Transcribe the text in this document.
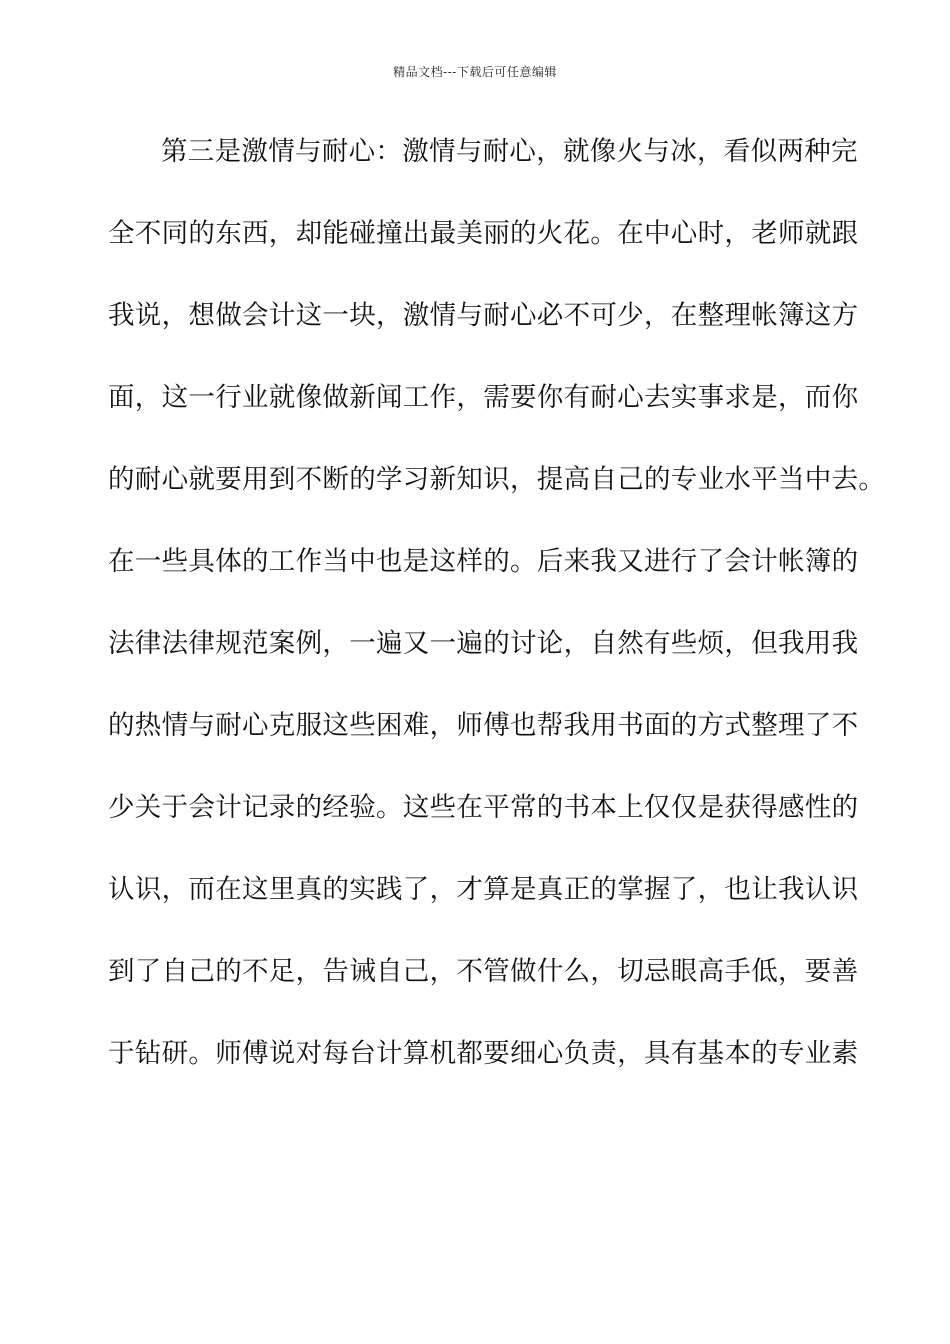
精品文档---下载后可任意编辑
第三是激情与耐心：激情与耐心，就像火与冰，看似两种完
全不同的东西，却能碰撞出最美丽的火花。在中心时，老师就跟
我说，想做会计这一块，激情与耐心必不可少，在整理帐簿这方
面，这一行业就像做新闻工作，需要你有耐心去实事求是，而你
的耐心就要用到不断的学习新知识，提高自己的专业水平当中去。
在一些具体的工作当中也是这样的。后来我又进行了会计帐簿的
法律法律规范案例，一遍又一遍的讨论，自然有些烦，但我用我
的热情与耐心克服这些困难，师傅也帮我用书面的方式整理了不
少关于会计记录的经验。这些在平常的书本上仅仅是获得感性的
认识，而在这里真的实践了，才算是真正的掌握了，也让我认识
到了自己的不足，告诫自己，不管做什么，切忌眼高手低，要善
于钻研。师傅说对每台计算机都要细心负责，具有基本的专业素
